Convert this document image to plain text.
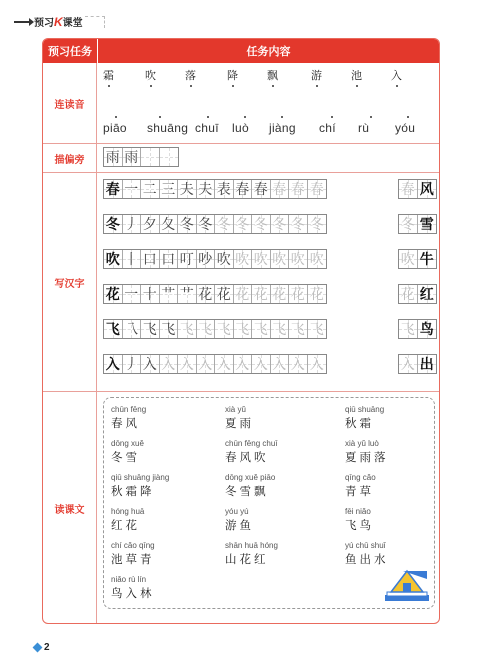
预习 K 课堂
预习任务	任务内容
连读音
描偏旁
写汉字
读课文
雨 雨
霜	吹	落	降	飘	游	池	入
piāo shuāng chuī luò jiàng chí rù yóu
春 一 二 三 夫 夫 表 春 春 春 春 春	春 风
冬 丿 夕 夂 冬 冬 冬 冬 冬 冬 冬 冬	冬 雪
吹 丨 口 口 叮 吵 吹 吹 吹 吹 吹 吹	吹 牛
花 一 十 艹 艹 花 花 花 花 花 花 花	花 红
飞 乁 飞 飞 飞 飞 飞 飞 飞 飞 飞 飞	飞 鸟
入 丿 入 入 入 入 入 入 入 入 入 入	入 出
chūn fēng
春风
xià yǔ
夏雨
qiū shuāng
秋霜
dōng xuě
冬雪
chūn fēng chuī
春风吹
xià yǔ luò
夏雨落
qiū shuāng jiàng
秋霜降
dōng xuě piāo
冬雪飘
qīng cǎo
青草
hóng huā
红花
yóu yú
游鱼
fēi niǎo
飞鸟
chí cǎo qīng
池草青
shān huā hóng
山花红
yú chū shuǐ
鱼出水
niǎo rù lín
鸟入林
2
